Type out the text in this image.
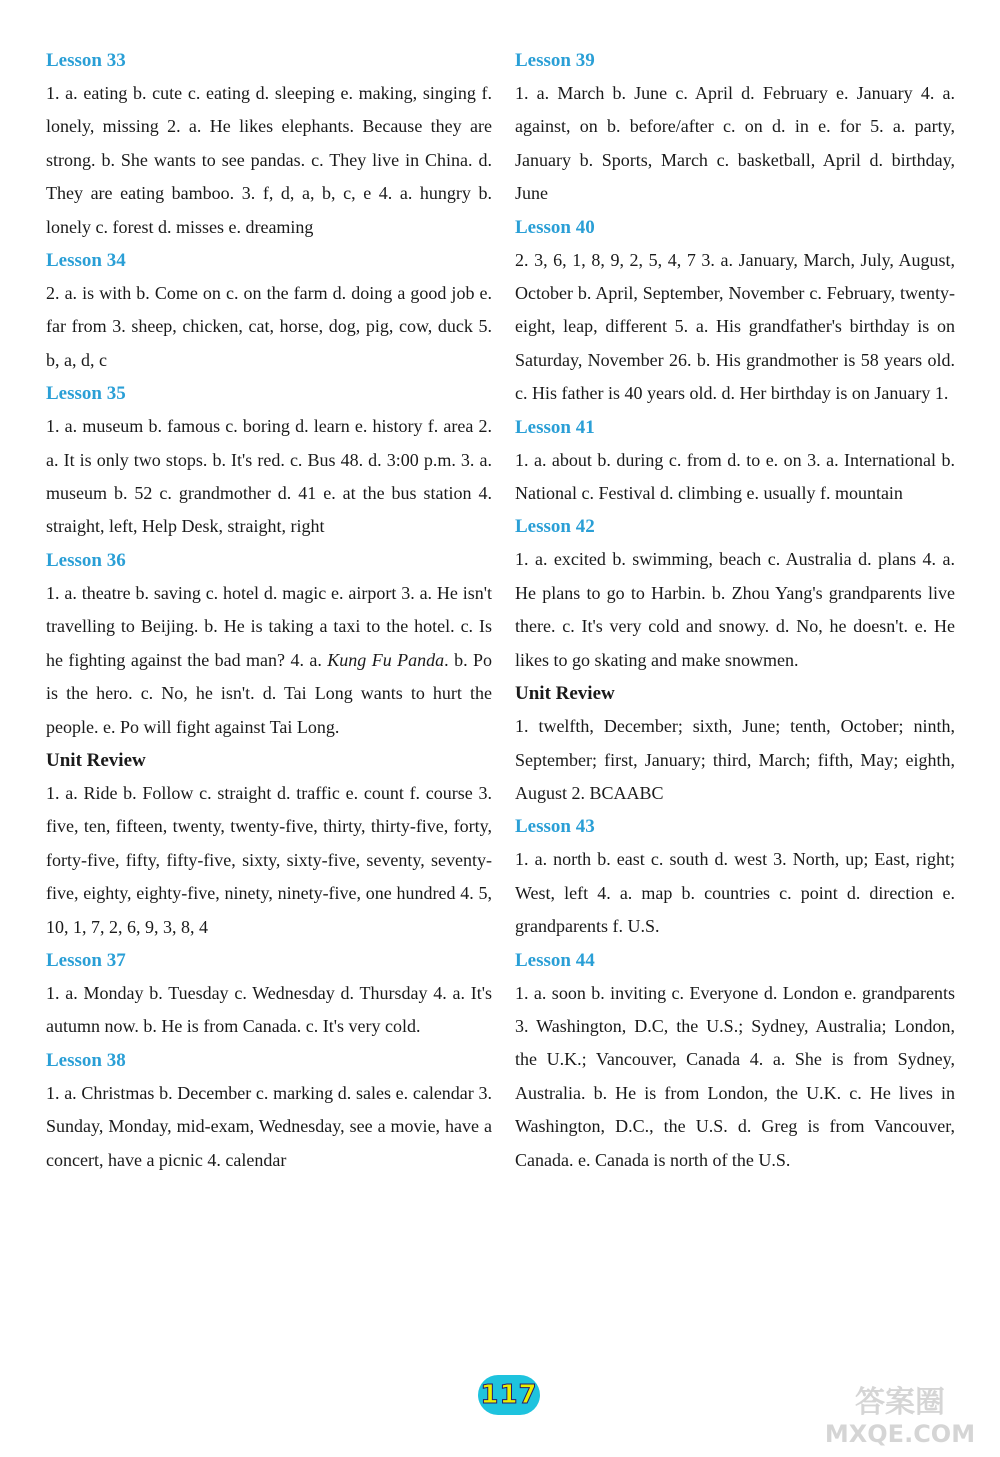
Lesson 33
1. a. eating b. cute c. eating d. sleeping e. making, singing f. lonely, missing 2. a. He likes elephants. Because they are strong. b. She wants to see pandas. c. They live in China. d. They are eating bamboo. 3. f, d, a, b, c, e 4. a. hungry b. lonely c. forest d. misses e. dreaming
Lesson 34
2. a. is with b. Come on c. on the farm d. doing a good job e. far from 3. sheep, chicken, cat, horse, dog, pig, cow, duck 5. b, a, d, c
Lesson 35
1. a. museum b. famous c. boring d. learn e. history f. area 2. a. It is only two stops. b. It's red. c. Bus 48. d. 3:00 p.m. 3. a. museum b. 52 c. grandmother d. 41 e. at the bus station 4. straight, left, Help Desk, straight, right
Lesson 36
1. a. theatre b. saving c. hotel d. magic e. airport 3. a. He isn't travelling to Beijing. b. He is taking a taxi to the hotel. c. Is he fighting against the bad man? 4. a. Kung Fu Panda. b. Po is the hero. c. No, he isn't. d. Tai Long wants to hurt the people. e. Po will fight against Tai Long.
Unit Review
1. a. Ride b. Follow c. straight d. traffic e. count f. course 3. five, ten, fifteen, twenty, twenty-five, thirty, thirty-five, forty, forty-five, fifty, fifty-five, sixty, sixty-five, seventy, seventy-five, eighty, eighty-five, ninety, ninety-five, one hundred 4. 5, 10, 1, 7, 2, 6, 9, 3, 8, 4
Lesson 37
1. a. Monday b. Tuesday c. Wednesday d. Thursday 4. a. It's autumn now. b. He is from Canada. c. It's very cold.
Lesson 38
1. a. Christmas b. December c. marking d. sales e. calendar 3. Sunday, Monday, mid-exam, Wednesday, see a movie, have a concert, have a picnic 4. calendar
Lesson 39
1. a. March b. June c. April d. February e. January 4. a. against, on b. before/after c. on d. in e. for 5. a. party, January b. Sports, March c. basketball, April d. birthday, June
Lesson 40
2. 3, 6, 1, 8, 9, 2, 5, 4, 7 3. a. January, March, July, August, October b. April, September, November c. February, twenty-eight, leap, different 5. a. His grandfather's birthday is on Saturday, November 26. b. His grandmother is 58 years old. c. His father is 40 years old. d. Her birthday is on January 1.
Lesson 41
1. a. about b. during c. from d. to e. on 3. a. International b. National c. Festival d. climbing e. usually f. mountain
Lesson 42
1. a. excited b. swimming, beach c. Australia d. plans 4. a. He plans to go to Harbin. b. Zhou Yang's grandparents live there. c. It's very cold and snowy. d. No, he doesn't. e. He likes to go skating and make snowmen.
Unit Review
1. twelfth, December; sixth, June; tenth, October; ninth, September; first, January; third, March; fifth, May; eighth, August 2. BCAABC
Lesson 43
1. a. north b. east c. south d. west 3. North, up; East, right; West, left 4. a. map b. countries c. point d. direction e. grandparents f. U.S.
Lesson 44
1. a. soon b. inviting c. Everyone d. London e. grandparents 3. Washington, D.C, the U.S.; Sydney, Australia; London, the U.K.; Vancouver, Canada 4. a. She is from Sydney, Australia. b. He is from London, the U.K. c. He lives in Washington, D.C., the U.S. d. Greg is from Vancouver, Canada. e. Canada is north of the U.S.
117	答案圈
MXQE.COM
